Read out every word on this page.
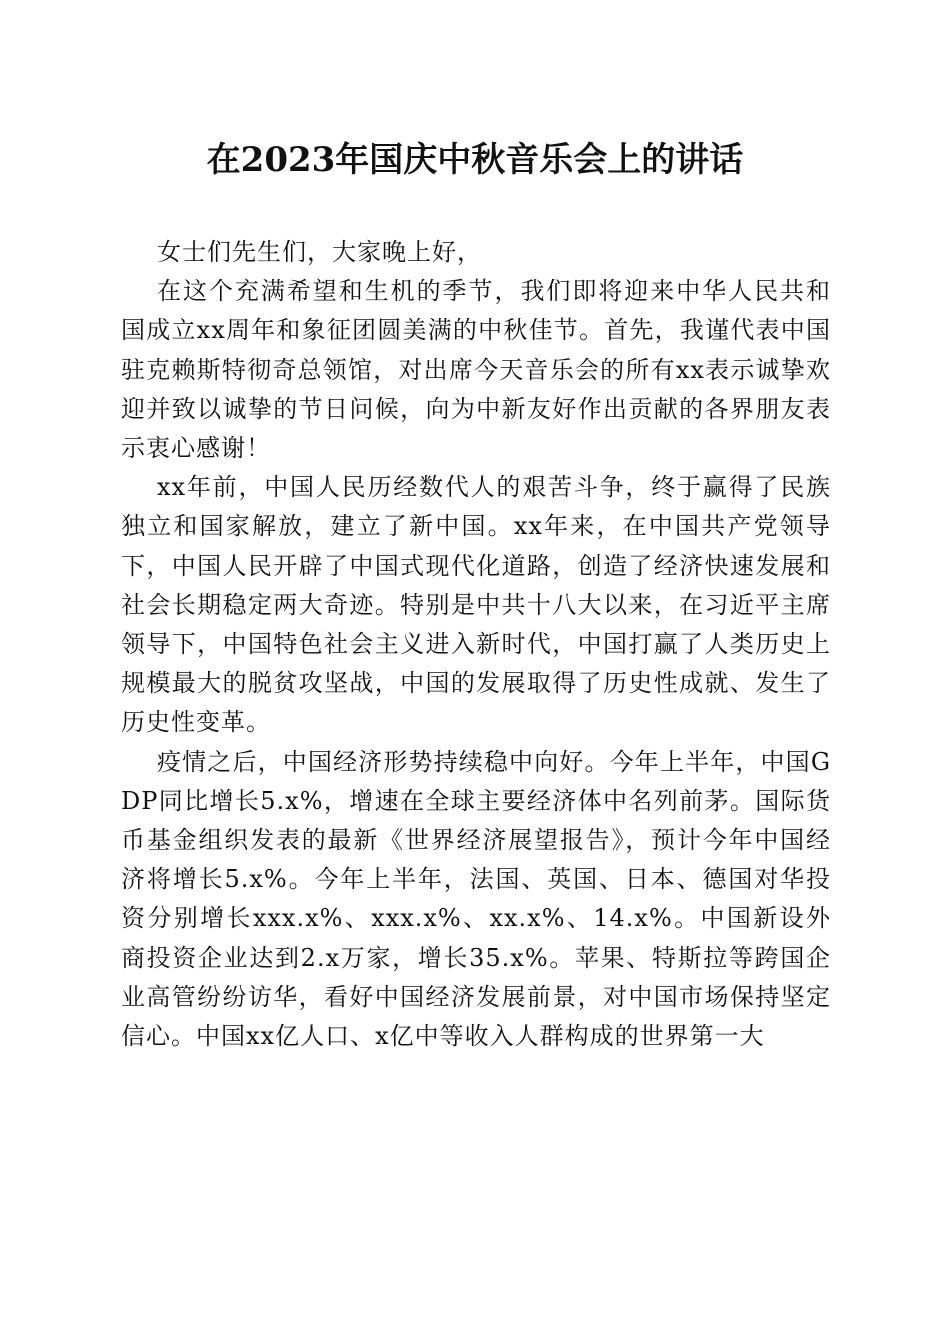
在2023年国庆中秋音乐会上的讲话

女士们先生们，大家晚上好，

在这个充满希望和生机的季节，我们即将迎来中华人民共和国成立xx周年和象征团圆美满的中秋佳节。首先，我谨代表中国驻克赖斯特彻奇总领馆，对出席今天音乐会的所有xx表示诚挚欢迎并致以诚挚的节日问候，向为中新友好作出贡献的各界朋友表示衷心感谢！

xx年前，中国人民历经数代人的艰苦斗争，终于赢得了民族独立和国家解放，建立了新中国。xx年来，在中国共产党领导下，中国人民开辟了中国式现代化道路，创造了经济快速发展和社会长期稳定两大奇迹。特别是中共十八大以来，在习近平主席领导下，中国特色社会主义进入新时代，中国打赢了人类历史上规模最大的脱贫攻坚战，中国的发展取得了历史性成就、发生了历史性变革。

疫情之后，中国经济形势持续稳中向好。今年上半年，中国GDP同比增长5.x%，增速在全球主要经济体中名列前茅。国际货币基金组织发表的最新《世界经济展望报告》，预计今年中国经济将增长5.x%。今年上半年，法国、英国、日本、德国对华投资分别增长xxx.x%、xxx.x%、xx.x%、14.x%。中国新设外商投资企业达到2.x万家，增长35.x%。苹果、特斯拉等跨国企业高管纷纷访华，看好中国经济发展前景，对中国市场保持坚定信心。中国xx亿人口、x亿中等收入人群构成的世界第一大
